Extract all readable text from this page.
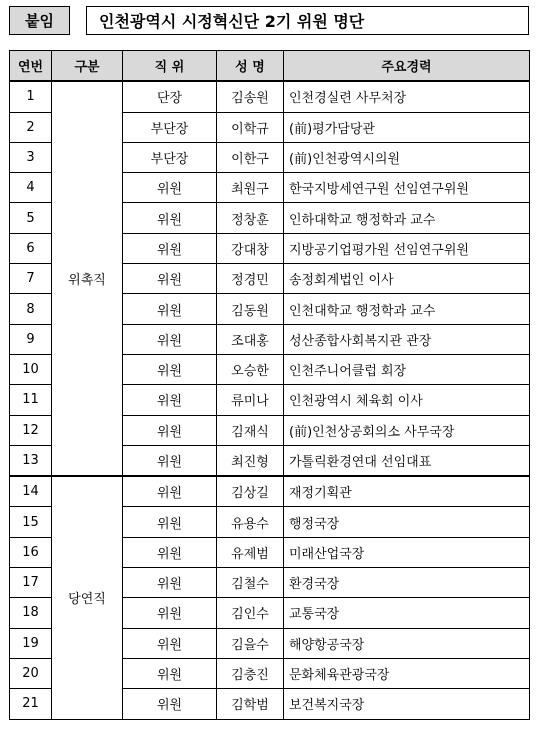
붙임	인천광역시 시정혁신단 2기 위원 명단
연번	구분	직 위	성 명	주요경력
1	위촉직	단장	김송원	인천경실련 사무처장
2		부단장	이학규	(前)평가담당관
3		부단장	이한구	(前)인천광역시의원
4		위원	최원구	한국지방세연구원 선임연구위원
5		위원	정창훈	인하대학교 행정학과 교수
6		위원	강대창	지방공기업평가원 선임연구위원
7		위원	정경민	송정회계법인 이사
8		위원	김동원	인천대학교 행정학과 교수
9		위원	조대홍	성산종합사회복지관 관장
10		위원	오승한	인천주니어클럽 회장
11		위원	류미나	인천광역시 체육회 이사
12		위원	김재식	(前)인천상공회의소 사무국장
13		위원	최진형	가톨릭환경연대 선임대표
14	당연직	위원	김상길	재정기획관
15		위원	유용수	행정국장
16		위원	유제범	미래산업국장
17		위원	김철수	환경국장
18		위원	김인수	교통국장
19		위원	김을수	해양항공국장
20		위원	김충진	문화체육관광국장
21		위원	김학범	보건복지국장
